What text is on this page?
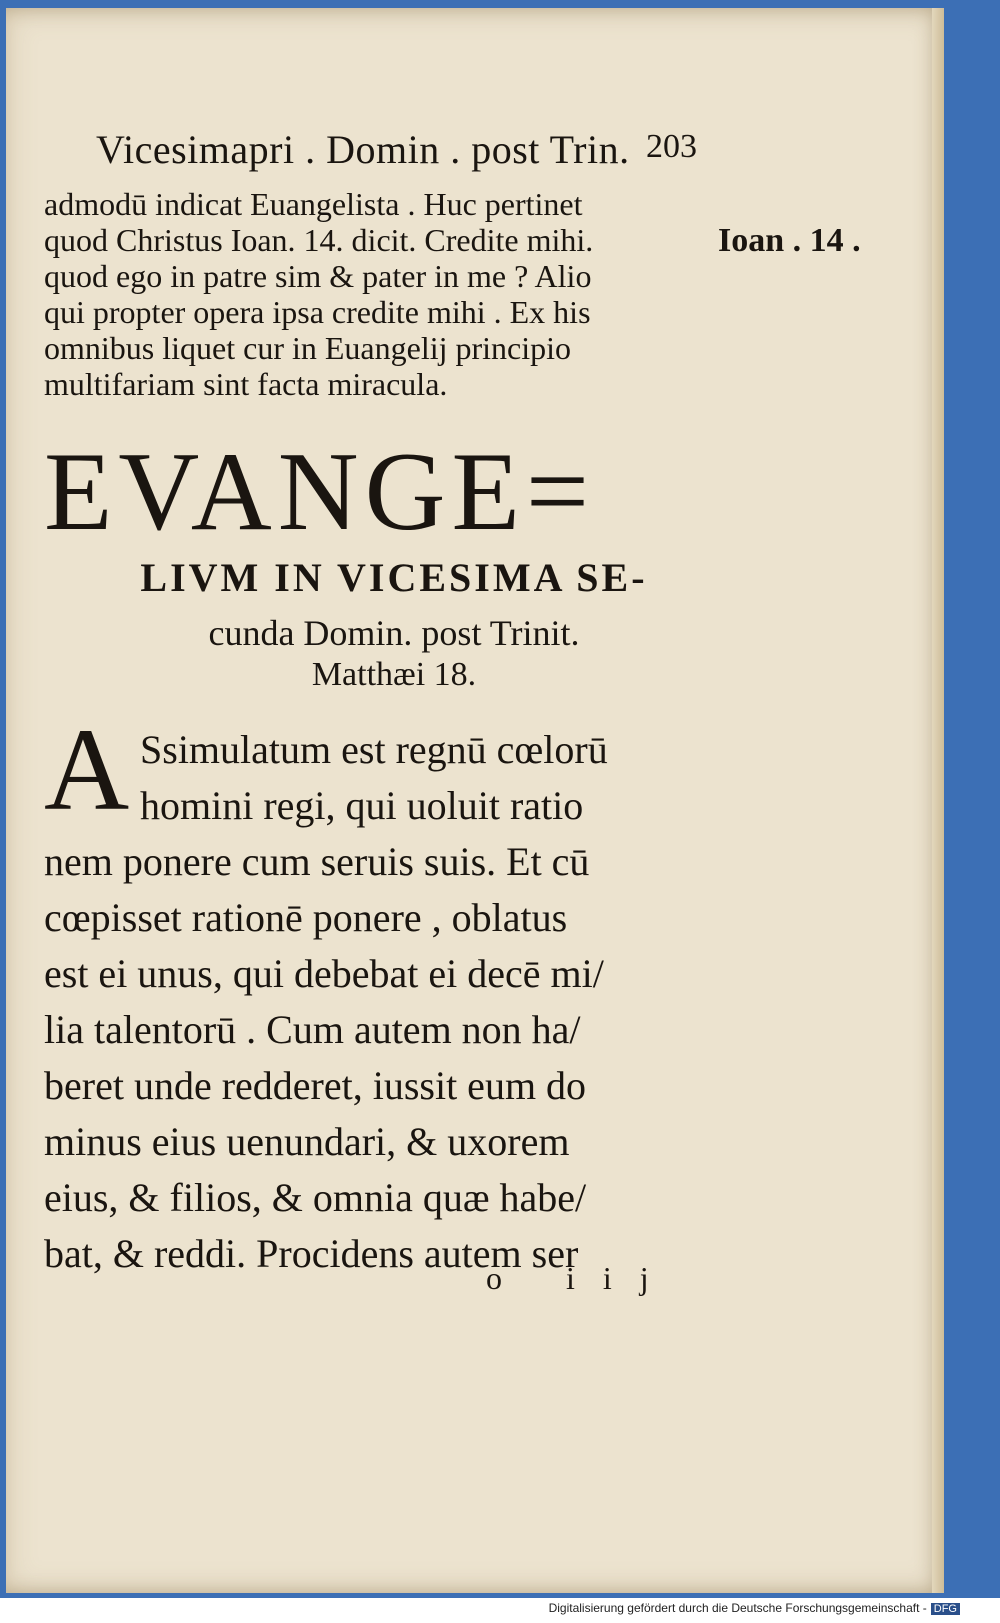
Vicesimapri . Domin . post Trin. 203
admodū indicat Euangelista . Huc pertinet
quod Christus Ioan. 14. dicit. Credite mihi.
quod ego in patre sim & pater in me ? Alio
qui propter opera ipsa credite mihi . Ex his
omnibus liquet cur in Euangelij principio
multifariam sint facta miracula.
Ioan . 14 .
EVANGE=
LIVM IN VICESIMA SE-
cunda Domin. post Trinit.
Matthæi 18.
A Ssimulatum est regnū cœlorū
homini regi, qui uoluit ratio
nem ponere cum seruis suis. Et cū
cœpisset rationē ponere , oblatus
est ei unus, qui debebat ei decē mi/
lia talentorū . Cum autem non ha/
beret unde redderet, iussit eum do
minus eius uenundari, & uxorem
eius, & filios, & omnia quæ habe/
bat, & reddi. Procidens autem ser
o iij
Digitalisierung gefördert durch die Deutsche Forschungsgemeinschaft - DFG
